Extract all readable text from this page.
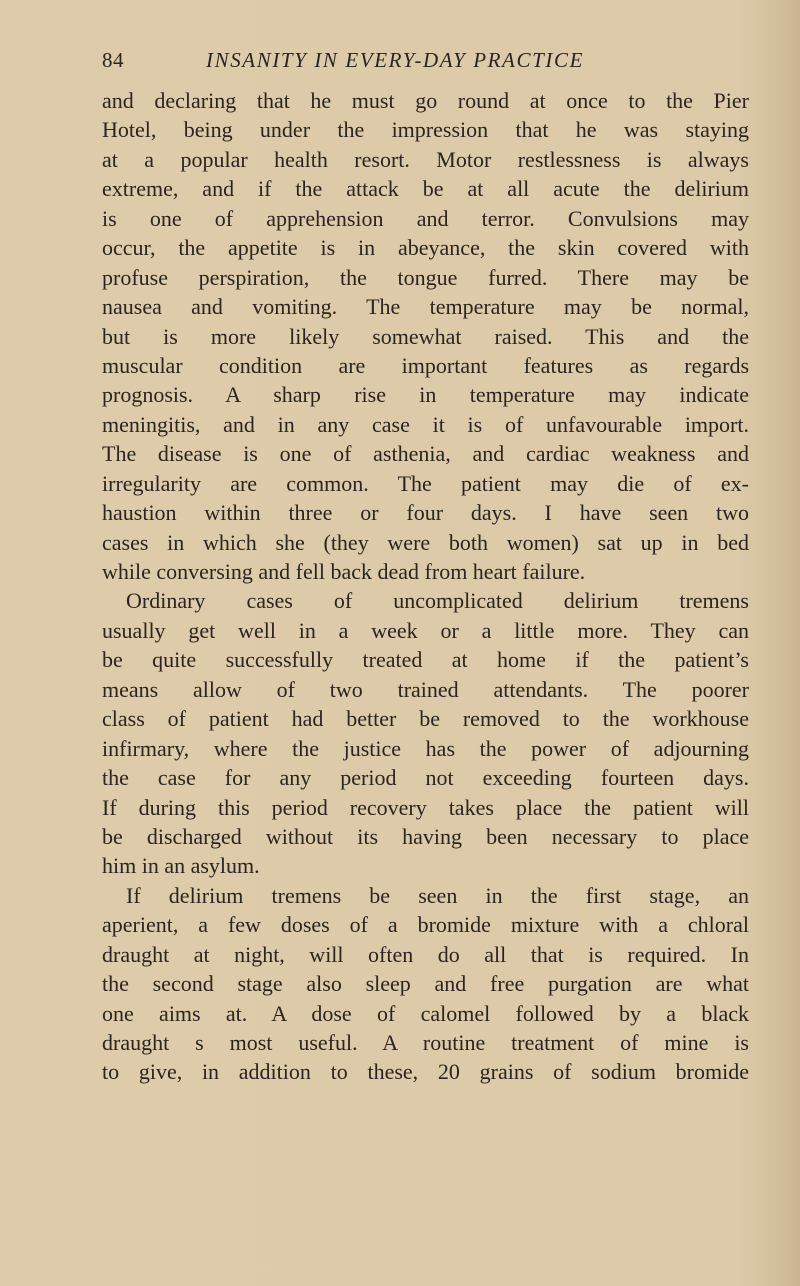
84	INSANITY IN EVERY-DAY PRACTICE
and declaring that he must go round at once to the Pier
Hotel, being under the impression that he was staying
at a popular health resort. Motor restlessness is always
extreme, and if the attack be at all acute the delirium
is one of apprehension and terror. Convulsions may
occur, the appetite is in abeyance, the skin covered with
profuse perspiration, the tongue furred. There may be
nausea and vomiting. The temperature may be normal,
but is more likely somewhat raised. This and the
muscular condition are important features as regards
prognosis. A sharp rise in temperature may indicate
meningitis, and in any case it is of unfavourable import.
The disease is one of asthenia, and cardiac weakness and
irregularity are common. The patient may die of ex-
haustion within three or four days. I have seen two
cases in which she (they were both women) sat up in bed
while conversing and fell back dead from heart failure.
Ordinary cases of uncomplicated delirium tremens
usually get well in a week or a little more. They can
be quite successfully treated at home if the patient’s
means allow of two trained attendants. The poorer
class of patient had better be removed to the workhouse
infirmary, where the justice has the power of adjourning
the case for any period not exceeding fourteen days.
If during this period recovery takes place the patient will
be discharged without its having been necessary to place
him in an asylum.
If delirium tremens be seen in the first stage, an
aperient, a few doses of a bromide mixture with a chloral
draught at night, will often do all that is required. In
the second stage also sleep and free purgation are what
one aims at. A dose of calomel followed by a black
draught s most useful. A routine treatment of mine is
to give, in addition to these, 20 grains of sodium bromide
